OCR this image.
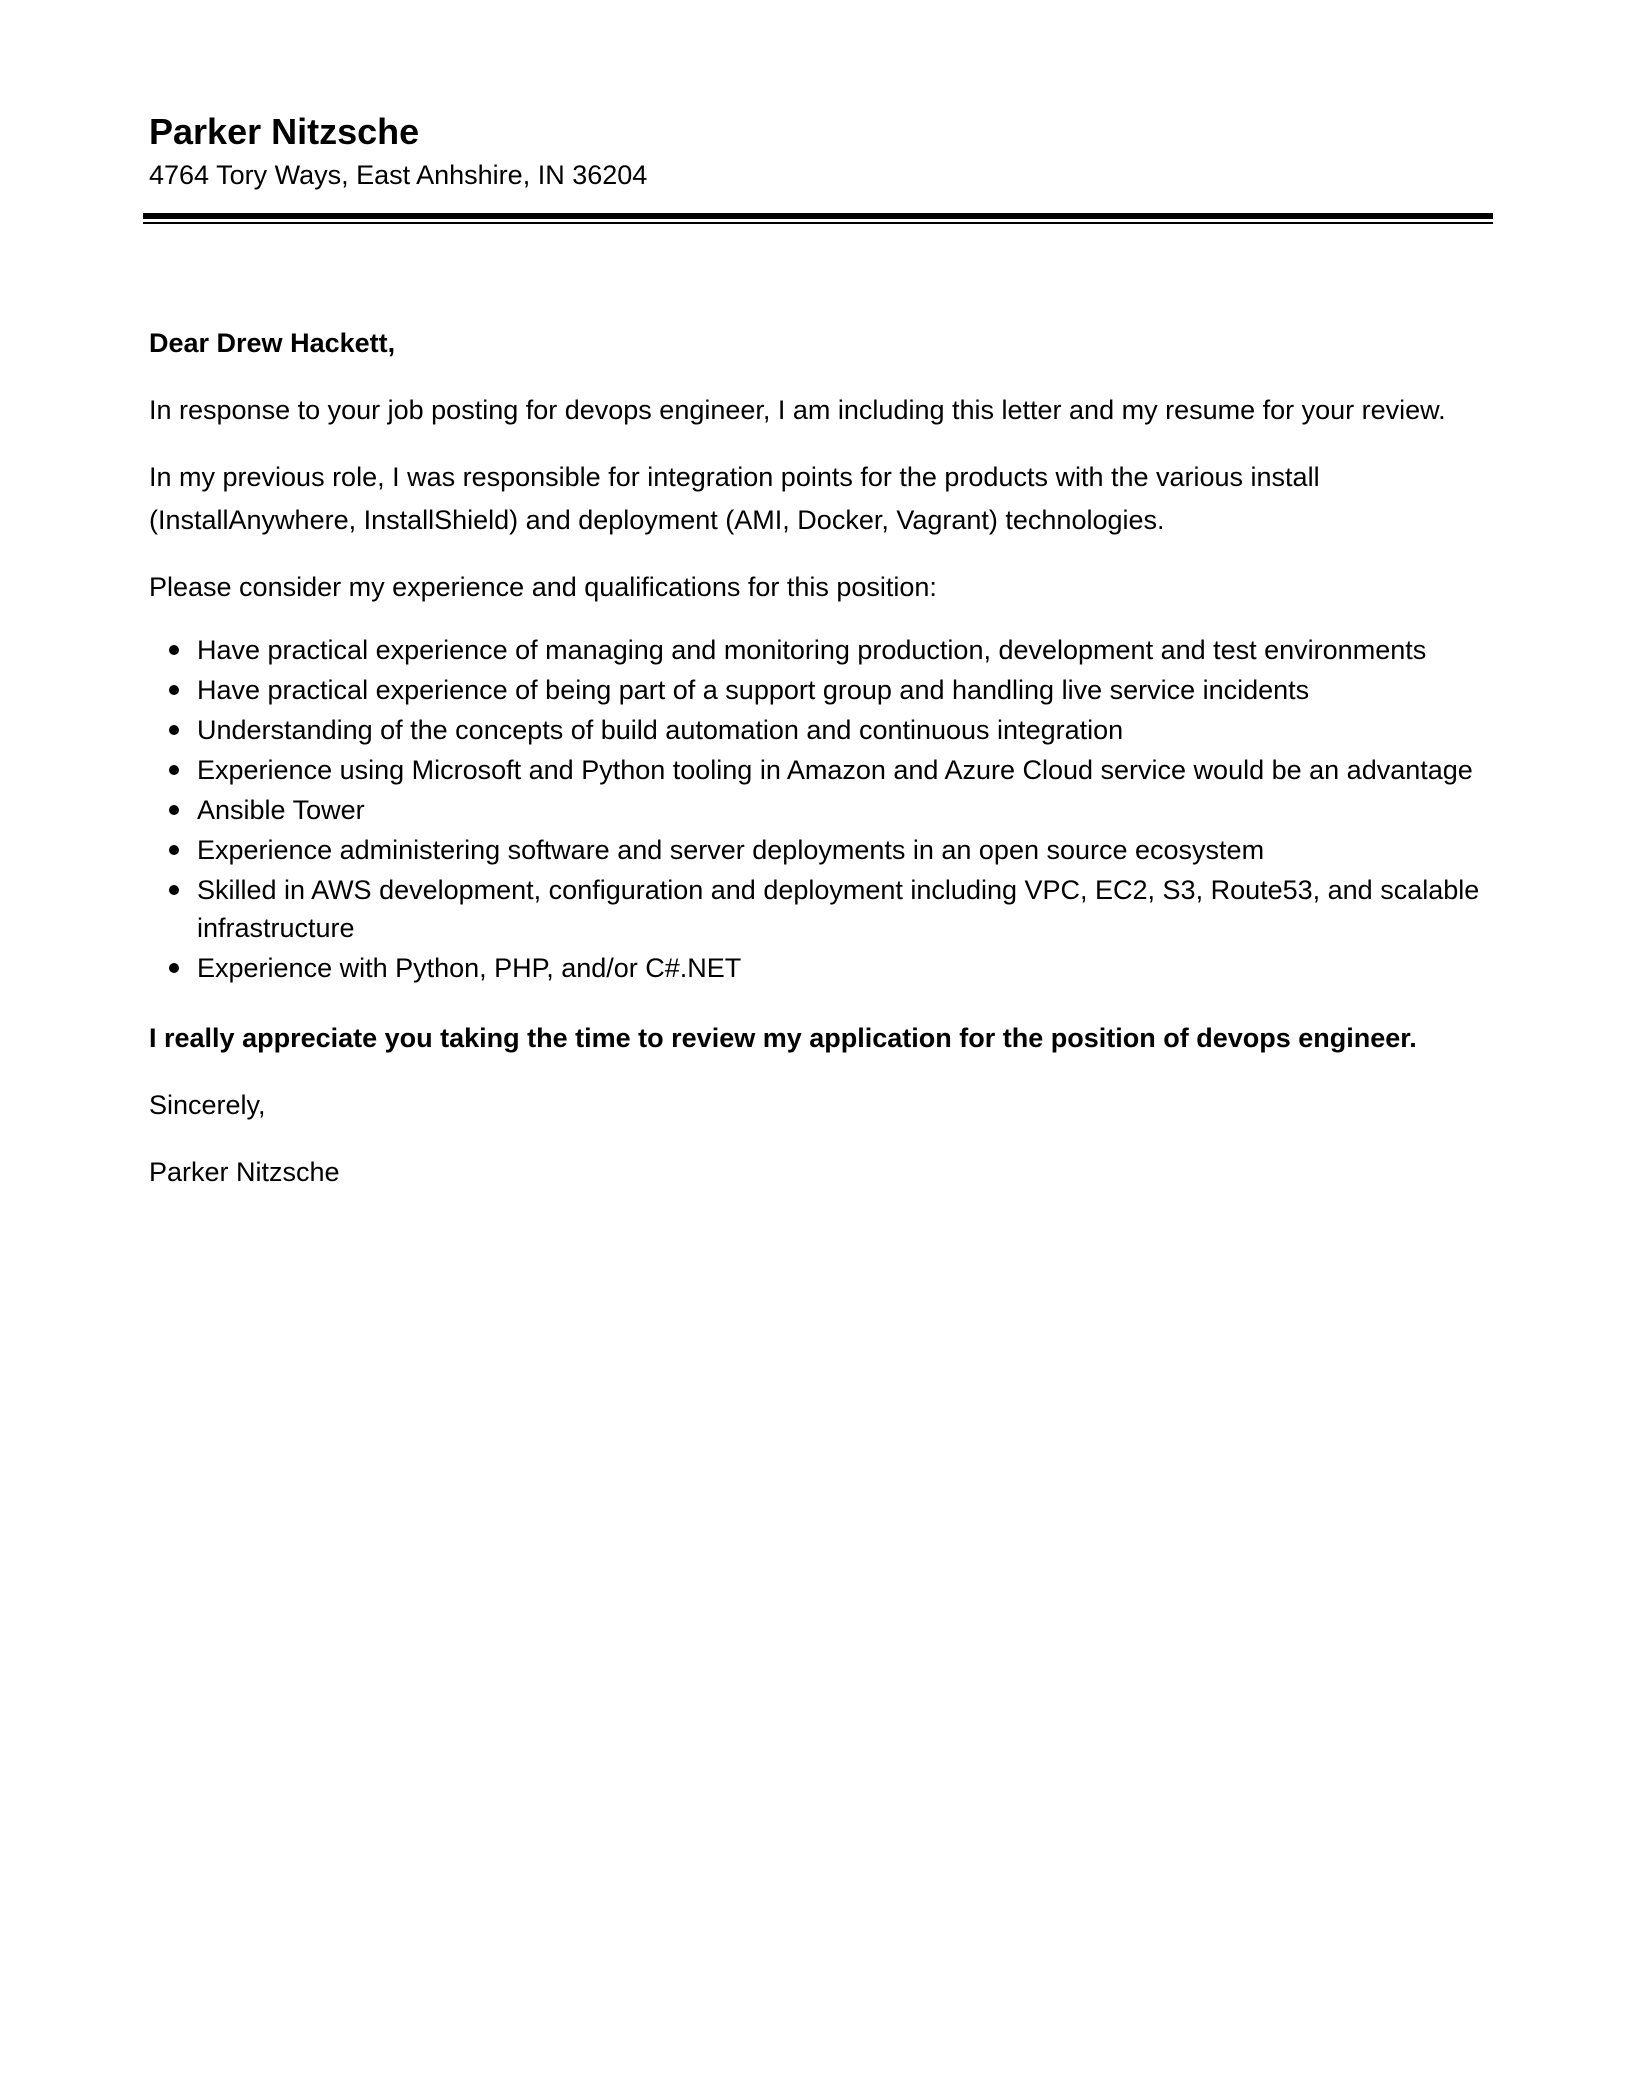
Parker Nitzsche

4764 Tory Ways, East Anhshire, IN 36204

Dear Drew Hackett,

In response to your job posting for devops engineer, I am including this letter and my resume for your review.

In my previous role, I was responsible for integration points for the products with the various install (InstallAnywhere, InstallShield) and deployment (AMI, Docker, Vagrant) technologies.

Please consider my experience and qualifications for this position:

Have practical experience of managing and monitoring production, development and test environments
Have practical experience of being part of a support group and handling live service incidents
Understanding of the concepts of build automation and continuous integration
Experience using Microsoft and Python tooling in Amazon and Azure Cloud service would be an advantage
Ansible Tower
Experience administering software and server deployments in an open source ecosystem
Skilled in AWS development, configuration and deployment including VPC, EC2, S3, Route53, and scalable infrastructure
Experience with Python, PHP, and/or C#.NET

I really appreciate you taking the time to review my application for the position of devops engineer.

Sincerely,

Parker Nitzsche
